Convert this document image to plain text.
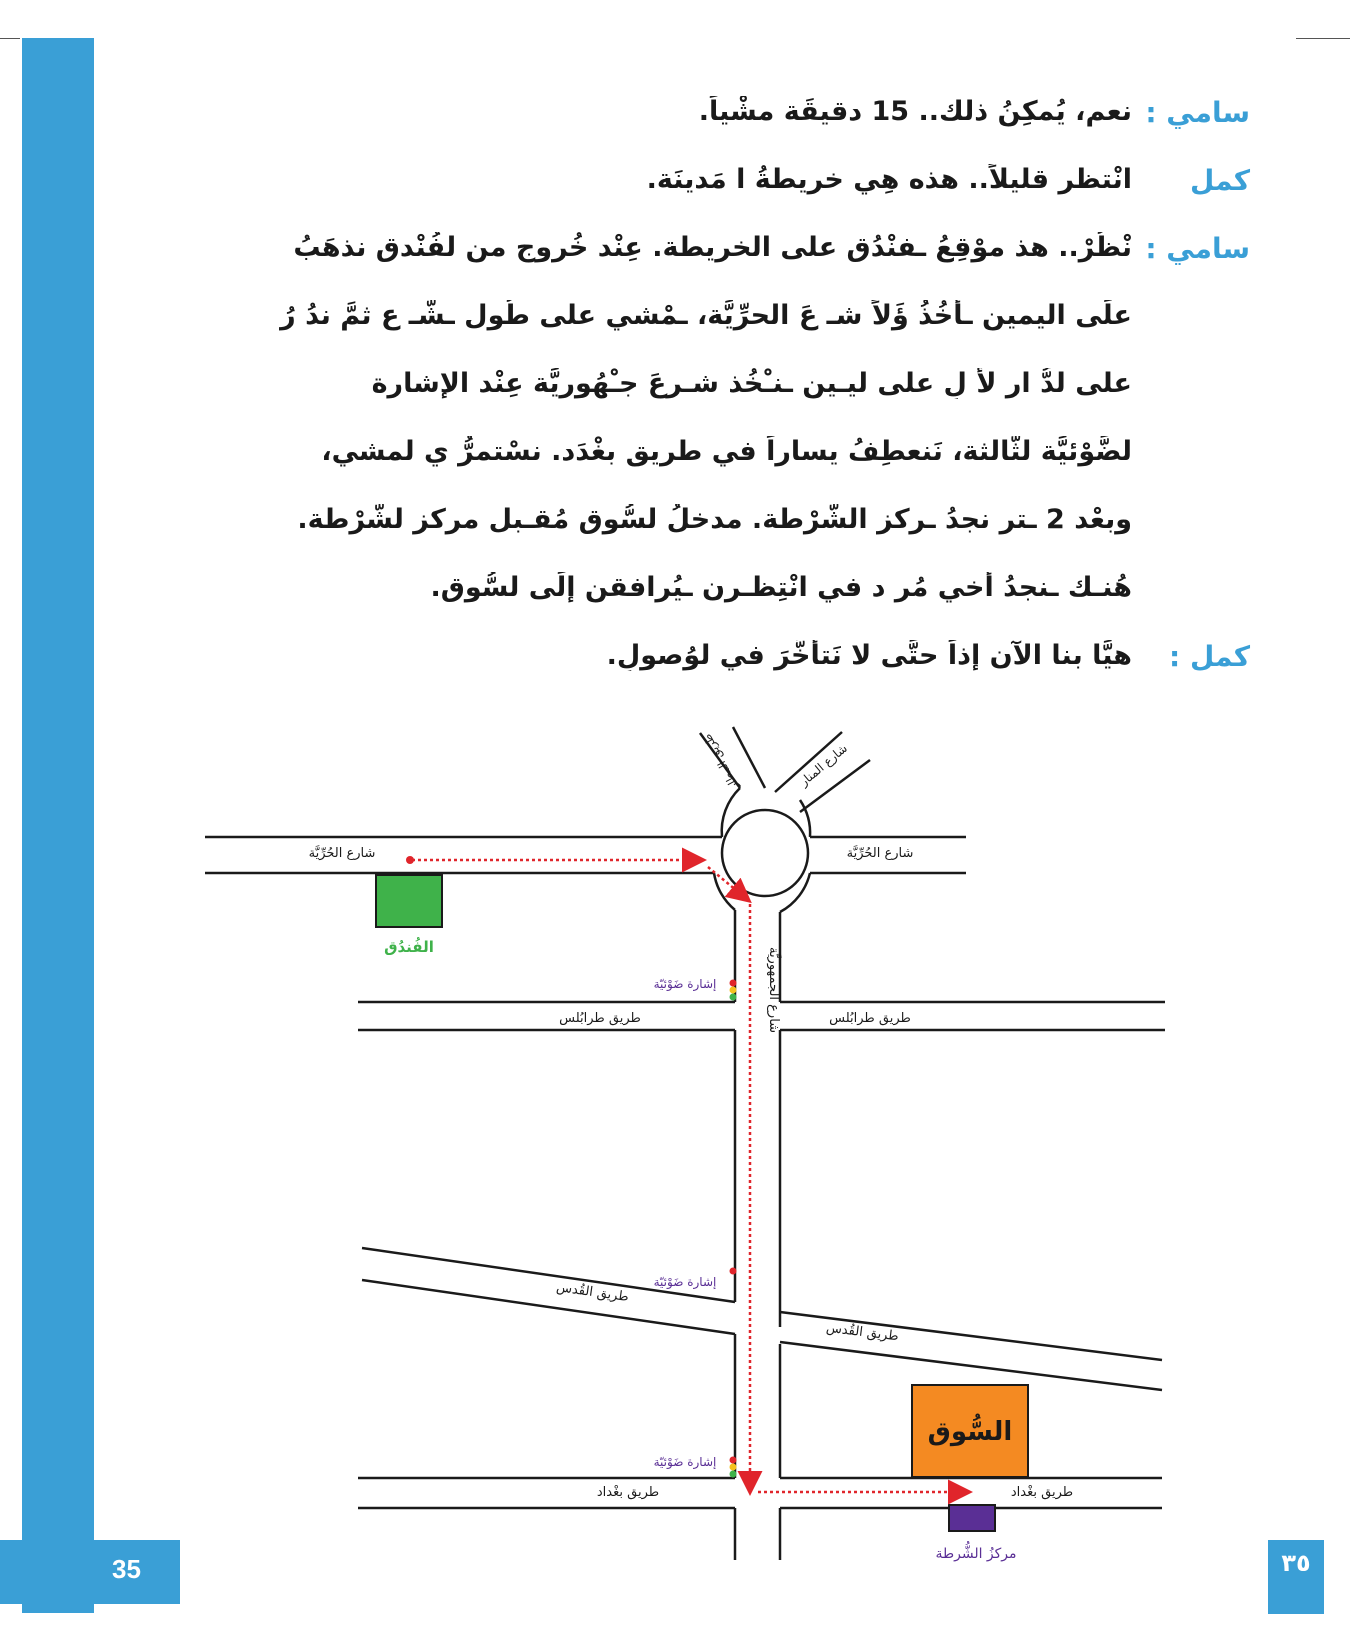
35	٣٥
سامي :
نعم، يُمكِنُ ذلك.. 15 دقيقَة مشْياً.
كمل
انْتظر قليلاً.. هذه هِي خريطةُ ا مَدينَة.
سامي :
نْظُرْ.. هذ موْقِعُ ـفنْدُقِ على الخريطة. عِنْد خُروج من لفُنْدق نذهَبُ
علَى اليمين ـأْخُذُ ؤَلاً شـ عَ الحرِّيَّة، ـمْشي على طُول ـشَّـ ع ثمَّ ندُ رُ
على لدُّ ار لأ لِ على ليـين ـنـْخُذ شـرعَ جـْهُوريَّة عِنْد الإشارة
لضَّوْئيَّة لثَّالثة، نَنعطِفُ يساراً في طريق بغْدَد. نسْتمرُّ ي لمشي،
وبعْد 2 ـترٍ نجدُ ـركز الشُّرْطة. مدخلُ لسُّوق مُقـبل مركزِ لشُّرْطة.
هُنـك ـنجدُ أخي مُر د في انْتِظـرن ـيُرافقن إِلَى لسُّوق.
كمل :
هيَّا بنا الآن إذاً حتَّى لا نَتأخَّرَ في لوُصولِ.
شارع الحُرِّيَّة	شارع الحُرِّيَّة
طريق المطار	شارع المنار
شارع الجمهوريَّة
طريق طرابُلس	طريق طرابُلس
طريق القُدس
طريق القُدس
طريق بغْداد	طريق بغْداد
إشارة ضَوْئيّة
إشارة ضَوْئيّة
إشارة ضَوْئيّة
الفُندُق
السُّوق
مركزُ الشُّرطة
